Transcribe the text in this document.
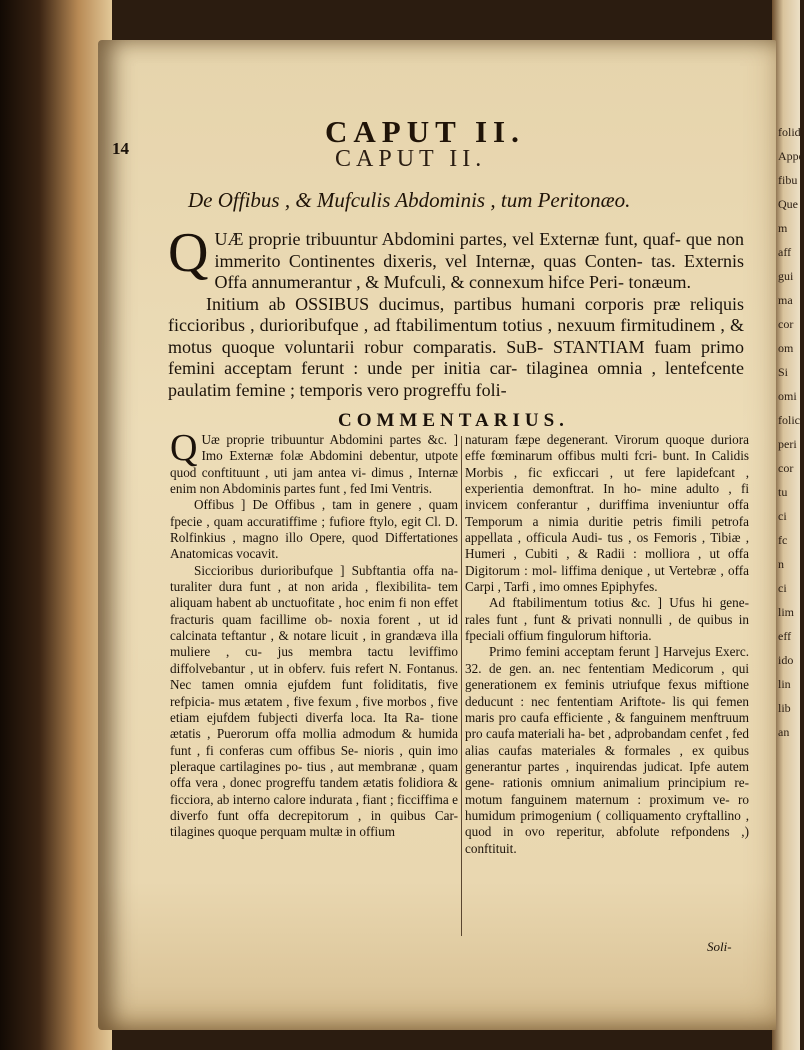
folid
Appe
fibu
Que
m
aff
gui
ma
cor
om
Si
omi
folic
peri
cor
tu
ci
fc
n
ci
lim
eff
ido
lin
lib
an
14	CAPUT II.
CAPUT II.
De Offibus , & Mufculis Abdominis , tum Peritonæo.

Q UÆ proprie tribuuntur Abdomini partes, vel Externæ funt, quaf- que non immerito Continentes dixeris, vel Internæ, quas Conten- tas. Externis Offa annumerantur , & Mufculi, & connexum hifce Peri- tonæum.

Initium ab OSSIBUS ducimus, partibus humani corporis præ reliquis ficcioribus , durioribufque , ad ftabilimentum totius , nexuum firmitudinem , & motus quoque voluntarii robur comparatis. SuB- STANTIAM fuam primo femini acceptam ferunt : unde per initia car- tilaginea omnia , lentefcente paulatim femine ; temporis vero progreffu foli-

COMMENTARIUS.

Q Uæ proprie tribuuntur Abdomini partes &c. ] Imo Externæ folæ Abdomini debentur, utpote quod conftituunt , uti jam antea vi- dimus , Internæ enim non Abdominis partes funt , fed Imi Ventris.

Offibus ] De Offibus , tam in genere , quam fpecie , quam accuratiffime ; fufiore ftylo, egit Cl. D. Rolfinkius , magno illo Opere, quod Differtationes Anatomicas vocavit.

Siccioribus durioribufque ] Subftantia offa na- turaliter dura funt , at non arida , flexibilita- tem aliquam habent ab unctuofitate , hoc enim fi non effet fracturis quam facillime ob- noxia forent , ut id calcinata teftantur , & notare licuit , in grandæva illa muliere , cu- jus membra tactu leviffimo diffolvebantur , ut in obferv. fuis refert N. Fontanus. Nec tamen omnia ejufdem funt foliditatis, five refpicia- mus ætatem , five fexum , five morbos , five etiam ejufdem fubjecti diverfa loca. Ita Ra- tione ætatis , Puerorum offa mollia admodum & humida funt , fi conferas cum offibus Se- nioris , quin imo pleraque cartilagines po- tius , aut membranæ , quam offa vera , donec progreffu tandem ætatis folidiora & ficciora, ab interno calore indurata , fiant ; ficciffima e diverfo funt offa decrepitorum , in quibus Car- tilagines quoque perquam multæ in offium

naturam fæpe degenerant. Virorum quoque duriora effe fœminarum offibus multi fcri- bunt. In Calidis Morbis , fic exficcari , ut fere lapidefcant , experientia demonftrat. In ho- mine adulto , fi invicem conferantur , duriffima inveniuntur offa Temporum a nimia duritie petris fimili petrofa appellata , officula Audi- tus , os Femoris , Tibiæ , Humeri , Cubiti , & Radii : molliora , ut offa Digitorum : mol- liffima denique , ut Vertebræ , offa Carpi , Tarfi , imo omnes Epiphyfes.

Ad ftabilimentum totius &c. ] Ufus hi gene- rales funt , funt & privati nonnulli , de quibus in fpeciali offium fingulorum hiftoria.

Primo femini acceptam ferunt ] Harvejus Exerc. 32. de gen. an. nec fententiam Medicorum , qui generationem ex feminis utriufque fexus miftione deducunt : nec fententiam Ariftote- lis qui femen maris pro caufa efficiente , & fanguinem menftruum pro caufa materiali ha- bet , adprobandam cenfet , fed alias caufas materiales & formales , ex quibus generantur partes , inquirendas judicat. Ipfe autem gene- rationis omnium animalium principium re- motum fanguinem maternum : proximum ve- ro humidum primogenium ( colliquamento cryftallino , quod in ovo reperitur, abfolute refpondens ,) conftituit.

Soli-
